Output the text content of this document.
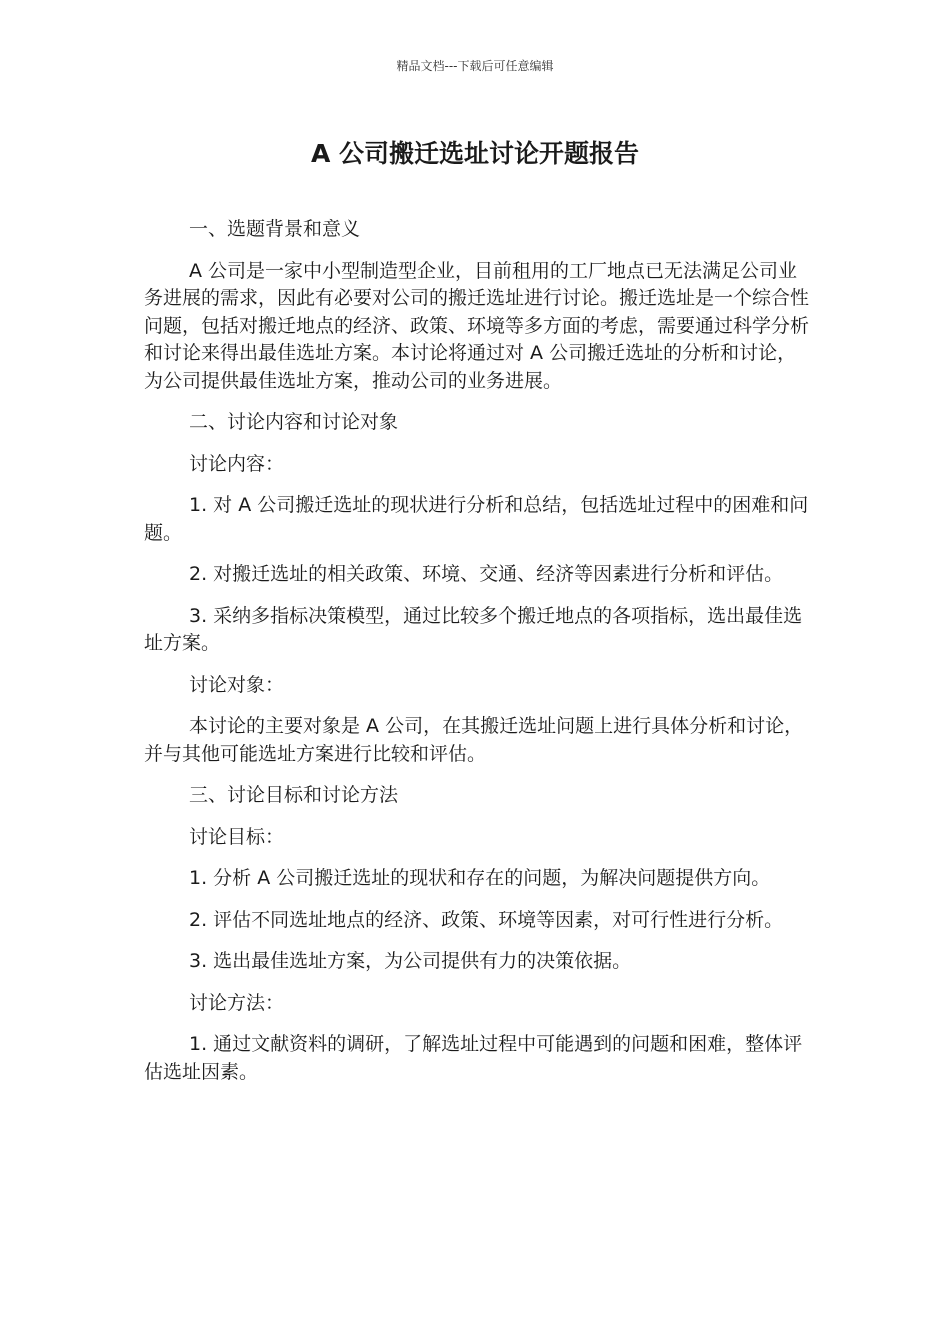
精品文档---下载后可任意编辑
A 公司搬迁选址讨论开题报告

一、选题背景和意义

A 公司是一家中小型制造型企业，目前租用的工厂地点已无法满足公司业务进展的需求，因此有必要对公司的搬迁选址进行讨论。搬迁选址是一个综合性问题，包括对搬迁地点的经济、政策、环境等多方面的考虑，需要通过科学分析和讨论来得出最佳选址方案。本讨论将通过对 A 公司搬迁选址的分析和讨论，为公司提供最佳选址方案，推动公司的业务进展。

二、讨论内容和讨论对象

讨论内容：

1. 对 A 公司搬迁选址的现状进行分析和总结，包括选址过程中的困难和问题。

2. 对搬迁选址的相关政策、环境、交通、经济等因素进行分析和评估。

3. 采纳多指标决策模型，通过比较多个搬迁地点的各项指标，选出最佳选址方案。

讨论对象：

本讨论的主要对象是 A 公司，在其搬迁选址问题上进行具体分析和讨论，并与其他可能选址方案进行比较和评估。

三、讨论目标和讨论方法

讨论目标：

1. 分析 A 公司搬迁选址的现状和存在的问题，为解决问题提供方向。

2. 评估不同选址地点的经济、政策、环境等因素，对可行性进行分析。

3. 选出最佳选址方案，为公司提供有力的决策依据。

讨论方法：

1. 通过文献资料的调研，了解选址过程中可能遇到的问题和困难，整体评估选址因素。
